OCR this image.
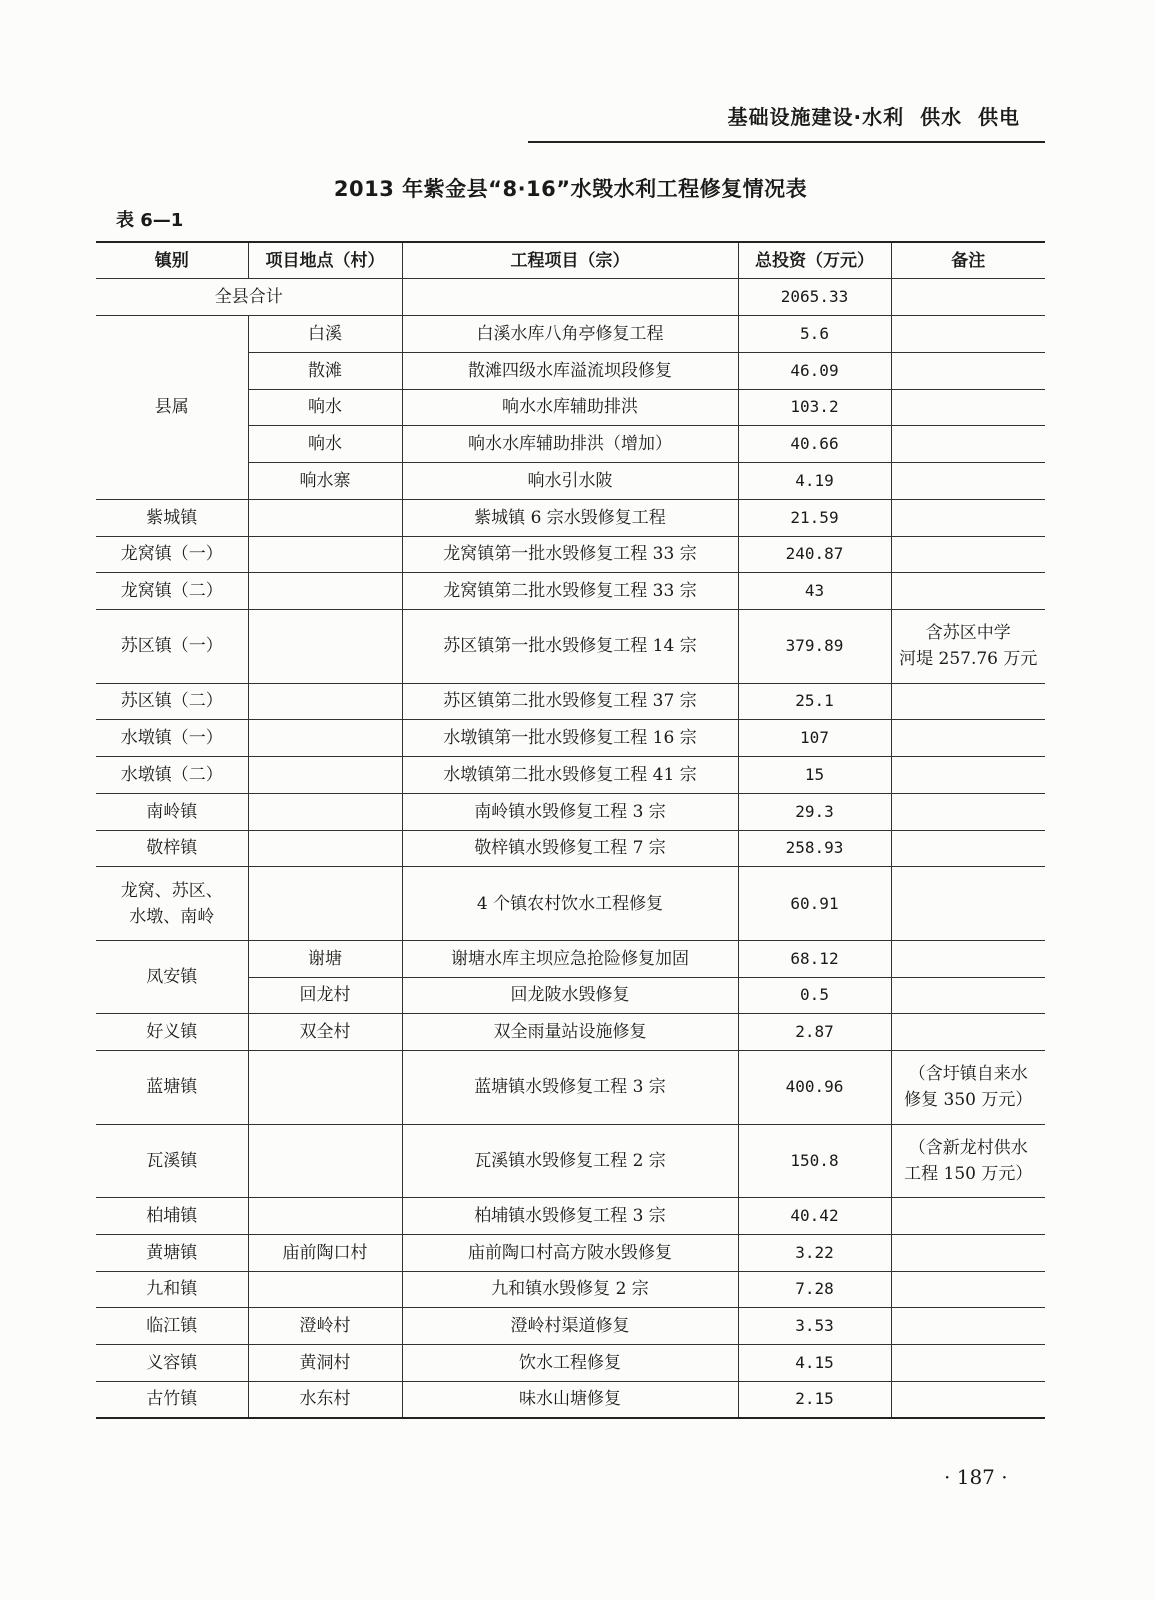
基础设施建设·水利  供水  供电
2013 年紫金县“8·16”水毁水利工程修复情况表
表 6—1
镇别	项目地点（村）	工程项目（宗）	总投资（万元）	备注
全县合计			2065.33	
县属	白溪	白溪水库八角亭修复工程	5.6	
	散滩	散滩四级水库溢流坝段修复	46.09	
	响水	响水水库辅助排洪	103.2	
	响水	响水水库辅助排洪（增加）	40.66	
	响水寨	响水引水陂	4.19	
紫城镇		紫城镇 6 宗水毁修复工程	21.59	
龙窝镇（一）		龙窝镇第一批水毁修复工程 33 宗	240.87	
龙窝镇（二）		龙窝镇第二批水毁修复工程 33 宗	43	
苏区镇（一）		苏区镇第一批水毁修复工程 14 宗	379.89	含苏区中学
河堤 257.76 万元
苏区镇（二）		苏区镇第二批水毁修复工程 37 宗	25.1	
水墩镇（一）		水墩镇第一批水毁修复工程 16 宗	107	
水墩镇（二）		水墩镇第二批水毁修复工程 41 宗	15	
南岭镇		南岭镇水毁修复工程 3 宗	29.3	
敬梓镇		敬梓镇水毁修复工程 7 宗	258.93	
龙窝、苏区、
水墩、南岭		4 个镇农村饮水工程修复	60.91	
凤安镇	谢塘	谢塘水库主坝应急抢险修复加固	68.12	
	回龙村	回龙陂水毁修复	0.5	
好义镇	双全村	双全雨量站设施修复	2.87	
蓝塘镇		蓝塘镇水毁修复工程 3 宗	400.96	（含圩镇自来水
修复 350 万元）
瓦溪镇		瓦溪镇水毁修复工程 2 宗	150.8	（含新龙村供水
工程 150 万元）
柏埔镇		柏埔镇水毁修复工程 3 宗	40.42	
黄塘镇	庙前陶口村	庙前陶口村高方陂水毁修复	3.22	
九和镇		九和镇水毁修复 2 宗	7.28	
临江镇	澄岭村	澄岭村渠道修复	3.53	
义容镇	黄洞村	饮水工程修复	4.15	
古竹镇	水东村	味水山塘修复	2.15	
· 187 ·
